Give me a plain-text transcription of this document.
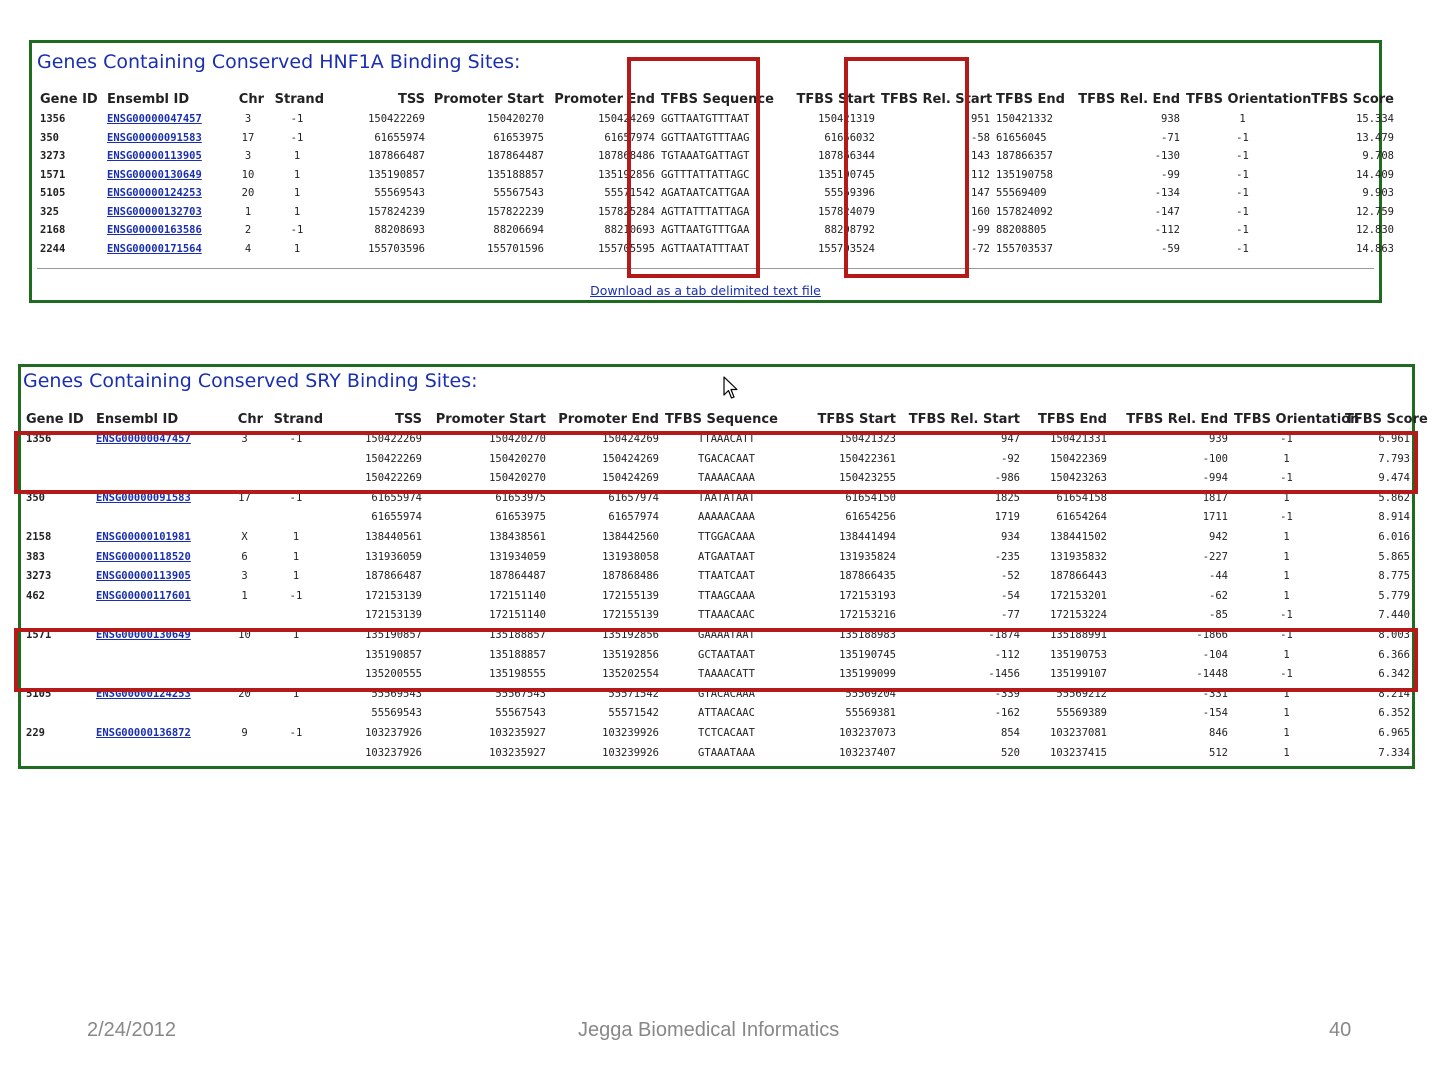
Genes Containing Conserved HNF1A Binding Sites:
Gene ID	Ensembl ID	Chr	Strand	TSS	Promoter Start	Promoter End	TFBS Sequence	TFBS Start	TFBS Rel. Start	TFBS End	TFBS Rel. End	TFBS Orientation	TFBS Score
1356	ENSG00000047457	3	-1	150422269	150420270	150424269	GGTTAATGTTTAAT	150421319	951	150421332	938	1	15.334
350	ENSG00000091583	17	-1	61655974	61653975	61657974	GGTTAATGTTTAAG	61656032	-58	61656045	-71	-1	13.479
3273	ENSG00000113905	3	1	187866487	187864487	187868486	TGTAAATGATTAGT	187866344	-143	187866357	-130	-1	9.708
1571	ENSG00000130649	10	1	135190857	135188857	135192856	GGTTTATTATTAGC	135190745	-112	135190758	-99	-1	14.409
5105	ENSG00000124253	20	1	55569543	55567543	55571542	AGATAATCATTGAA	55569396	-147	55569409	-134	-1	9.903
325	ENSG00000132703	1	1	157824239	157822239	157825284	AGTTATTTATTAGA	157824079	-160	157824092	-147	-1	12.759
2168	ENSG00000163586	2	-1	88208693	88206694	88210693	AGTTAATGTTTGAA	88208792	-99	88208805	-112	-1	12.830
2244	ENSG00000171564	4	1	155703596	155701596	155705595	AGTTAATATTTAAT	155703524	-72	155703537	-59	-1	14.863
Download as a tab delimited text file
Genes Containing Conserved SRY Binding Sites:
Gene ID	Ensembl ID	Chr	Strand	TSS	Promoter Start	Promoter End	TFBS Sequence	TFBS Start	TFBS Rel. Start	TFBS End	TFBS Rel. End	TFBS Orientation	TFBS Score
1356	ENSG00000047457	3	-1	150422269	150420270	150424269	TTAAACATT	150421323	947	150421331	939	-1	6.961
				150422269	150420270	150424269	TGACACAAT	150422361	-92	150422369	-100	1	7.793
				150422269	150420270	150424269	TAAAACAAA	150423255	-986	150423263	-994	-1	9.474
350	ENSG00000091583	17	-1	61655974	61653975	61657974	TAATATAAT	61654150	1825	61654158	1817	1	5.862
				61655974	61653975	61657974	AAAAACAAA	61654256	1719	61654264	1711	-1	8.914
2158	ENSG00000101981	X	1	138440561	138438561	138442560	TTGGACAAA	138441494	934	138441502	942	1	6.016
383	ENSG00000118520	6	1	131936059	131934059	131938058	ATGAATAAT	131935824	-235	131935832	-227	1	5.865
3273	ENSG00000113905	3	1	187866487	187864487	187868486	TTAATCAAT	187866435	-52	187866443	-44	1	8.775
462	ENSG00000117601	1	-1	172153139	172151140	172155139	TTAAGCAAA	172153193	-54	172153201	-62	1	5.779
				172153139	172151140	172155139	TTAAACAAC	172153216	-77	172153224	-85	-1	7.440
1571	ENSG00000130649	10	1	135190857	135188857	135192856	GAAAATAAT	135188983	-1874	135188991	-1866	-1	8.003
				135190857	135188857	135192856	GCTAATAAT	135190745	-112	135190753	-104	1	6.366
				135200555	135198555	135202554	TAAAACATT	135199099	-1456	135199107	-1448	-1	6.342
5105	ENSG00000124253	20	1	55569543	55567543	55571542	GTACACAAA	55569204	-339	55569212	-331	1	8.214
				55569543	55567543	55571542	ATTAACAAC	55569381	-162	55569389	-154	1	6.352
229	ENSG00000136872	9	-1	103237926	103235927	103239926	TCTCACAAT	103237073	854	103237081	846	1	6.965
				103237926	103235927	103239926	GTAAATAAA	103237407	520	103237415	512	1	7.334
2/24/2012	Jegga Biomedical Informatics	40
